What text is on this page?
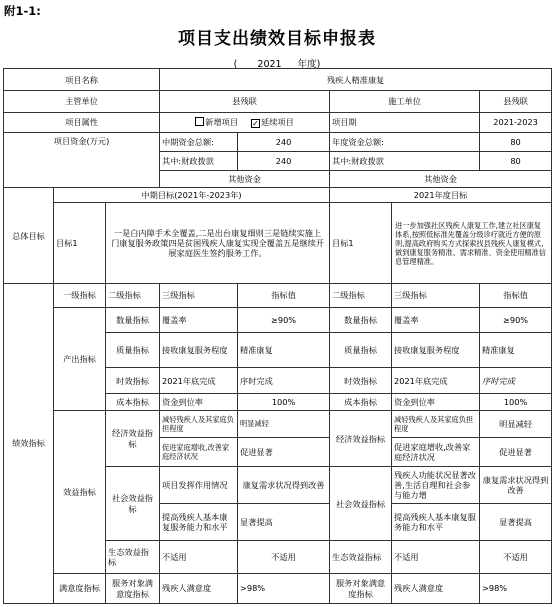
附1-1:
项目支出绩效目标申报表
( 2021 年度)
项目名称			残疾人精准康复				
主管单位			县残联		施工单位		县残联
项目属性			新增项目 ✓ 延续项目		项目期		2021-2023
项目资金(万元)			中期资金总额:	240	年度资金总额:		80
			其中:财政拨款	240	其中:财政拨款		80
			其他资金		其他资金		
总体目标	中期目标(2021年-2023年)				2021年度目标		
	目标1	一是白内障手术全覆盖,二是出台康复细则三是链续实施上门康复服务政策四是贫困残疾人康复实现全覆盖五是继续开展家庭医生签约服务工作。			目标1	进一步加强社区残疾人康复工作,建立社区康复体系,按照低标准先覆盖分级诊疗就近方便的原则,提高政府购买方式探索找县残疾人康复模式,做到康复服务精准、需求精准、资金使用精准信息管理精准。	
绩效指标	一级指标	二级指标	三级指标	指标值	二级指标	三级指标	指标值
	产出指标	数量指标	覆盖率	≥90%	数量指标	覆盖率	≥90%
		质量指标	接收康复服务程度	精准康复	质量指标	接收康复服务程度	精准康复
		时效指标	2021年底完成	序时完成	时效指标	2021年底完成	序时完成
		成本指标	资金到位率	100%	成本指标	资金到位率	100%
	效益指标	经济效益指标	减轻残疾人及其家庭负担程度	明显减轻	经济效益指标	减轻残疾人及其家庭负担程度	明显减轻
			促进家庭增收,改善家庭经济状况	促进显著		促进家庭增收,改善家庭经济状况	促进显著
		社会效益指标	项目发挥作用情况	康复需求状况得到改善	社会效益指标	残疾人功能状况显著改善,生活自理和社会参与能力增	康复需求状况得到改善
			提高残疾人基本康复服务能力和水平	显著提高		提高残疾人基本康复服务能力和水平	显著提高
		生态效益指标	不适用	不适用	生态效益指标	不适用	不适用
	满意度指标	服务对象满意度指标	残疾人满意度	>98%	服务对象满意度指标	残疾人满意度	>98%
